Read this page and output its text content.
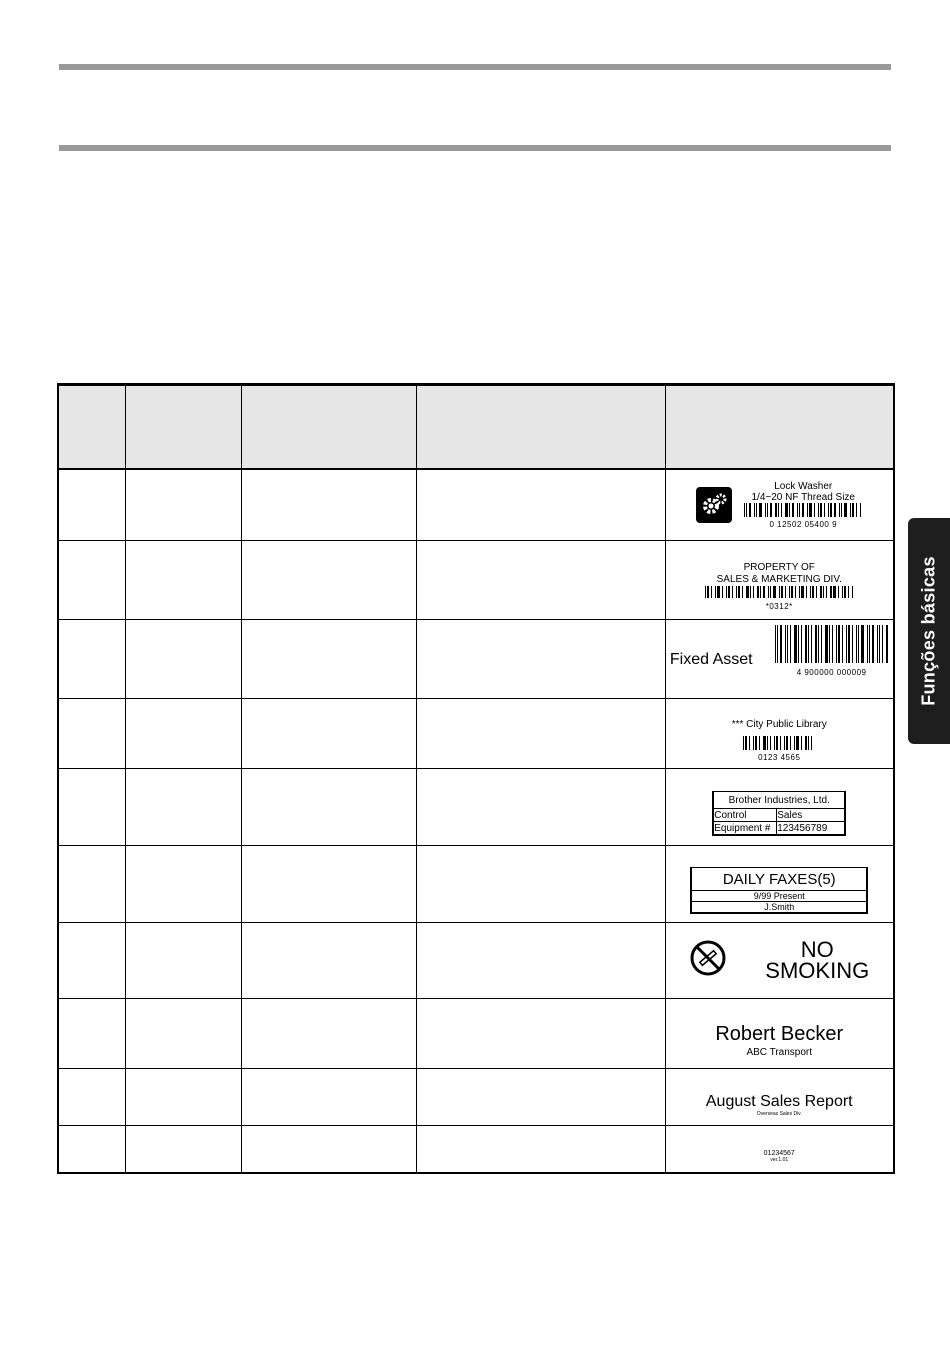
Funções básicas

Lock Washer
1/4−20 NF Thread Size
0 12502 05400 9

PROPERTY OF
SALES & MARKETING DIV.
*0312*

Fixed Asset
4 900000 000009

*** City Public Library
0123 4565

Brother Industries, Ltd.
Control	Sales
Equipment #	123456789

DAILY FAXES(5)
9/99 Present
J.Smith

NO
SMOKING

Robert Becker
ABC Transport

August Sales Report
Overseas Sales Div.

01234567
ver.1.01
